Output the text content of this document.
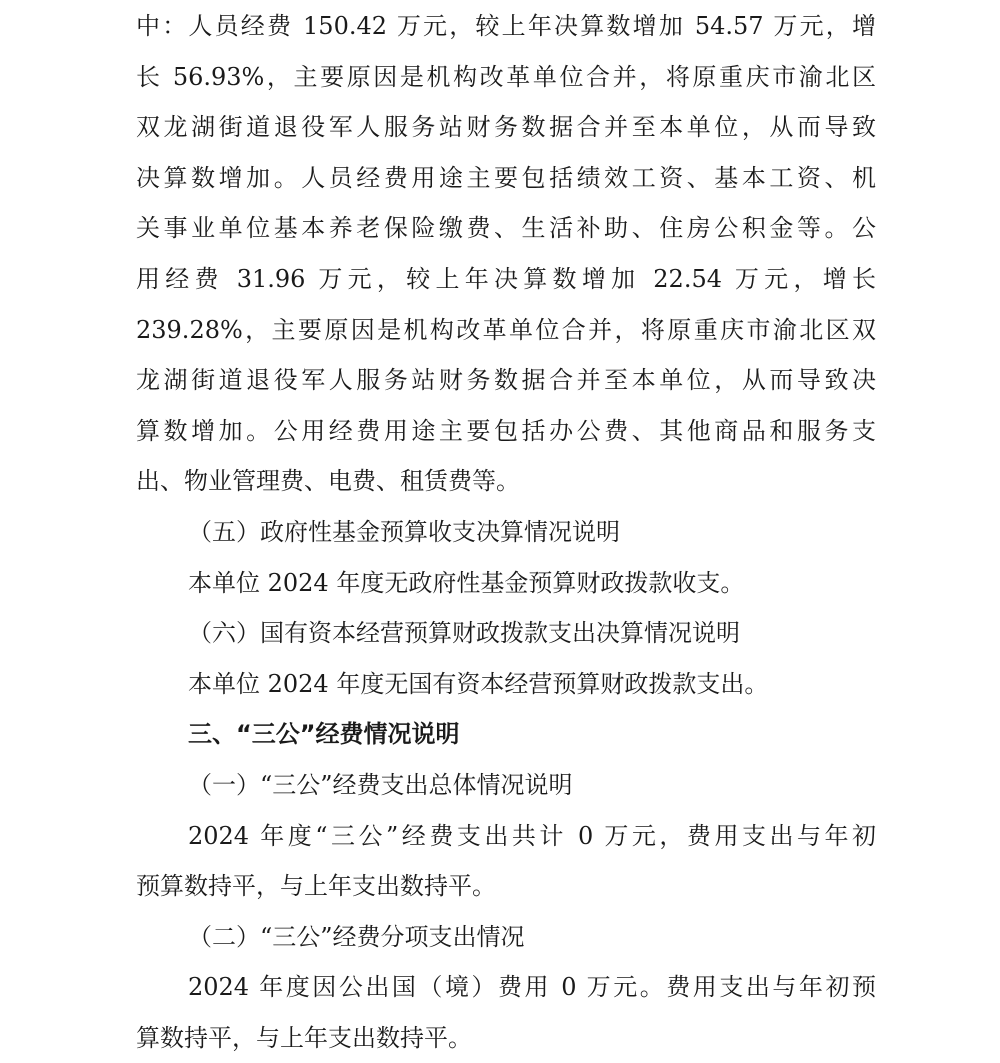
中：人员经费 150.42 万元，较上年决算数增加 54.57 万元，增
长 56.93%，主要原因是机构改革单位合并，将原重庆市渝北区
双龙湖街道退役军人服务站财务数据合并至本单位，从而导致
决算数增加。人员经费用途主要包括绩效工资、基本工资、机
关事业单位基本养老保险缴费、生活补助、住房公积金等。公
用经费 31.96 万元，较上年决算数增加 22.54 万元，增长
239.28%，主要原因是机构改革单位合并，将原重庆市渝北区双
龙湖街道退役军人服务站财务数据合并至本单位，从而导致决
算数增加。公用经费用途主要包括办公费、其他商品和服务支
出、物业管理费、电费、租赁费等。
（五）政府性基金预算收支决算情况说明
本单位 2024 年度无政府性基金预算财政拨款收支。
（六）国有资本经营预算财政拨款支出决算情况说明
本单位 2024 年度无国有资本经营预算财政拨款支出。
三、“三公”经费情况说明
（一）“三公”经费支出总体情况说明
2024 年度“三公”经费支出共计 0 万元，费用支出与年初
预算数持平，与上年支出数持平。
（二）“三公”经费分项支出情况
2024 年度因公出国（境）费用 0 万元。费用支出与年初预
算数持平，与上年支出数持平。
